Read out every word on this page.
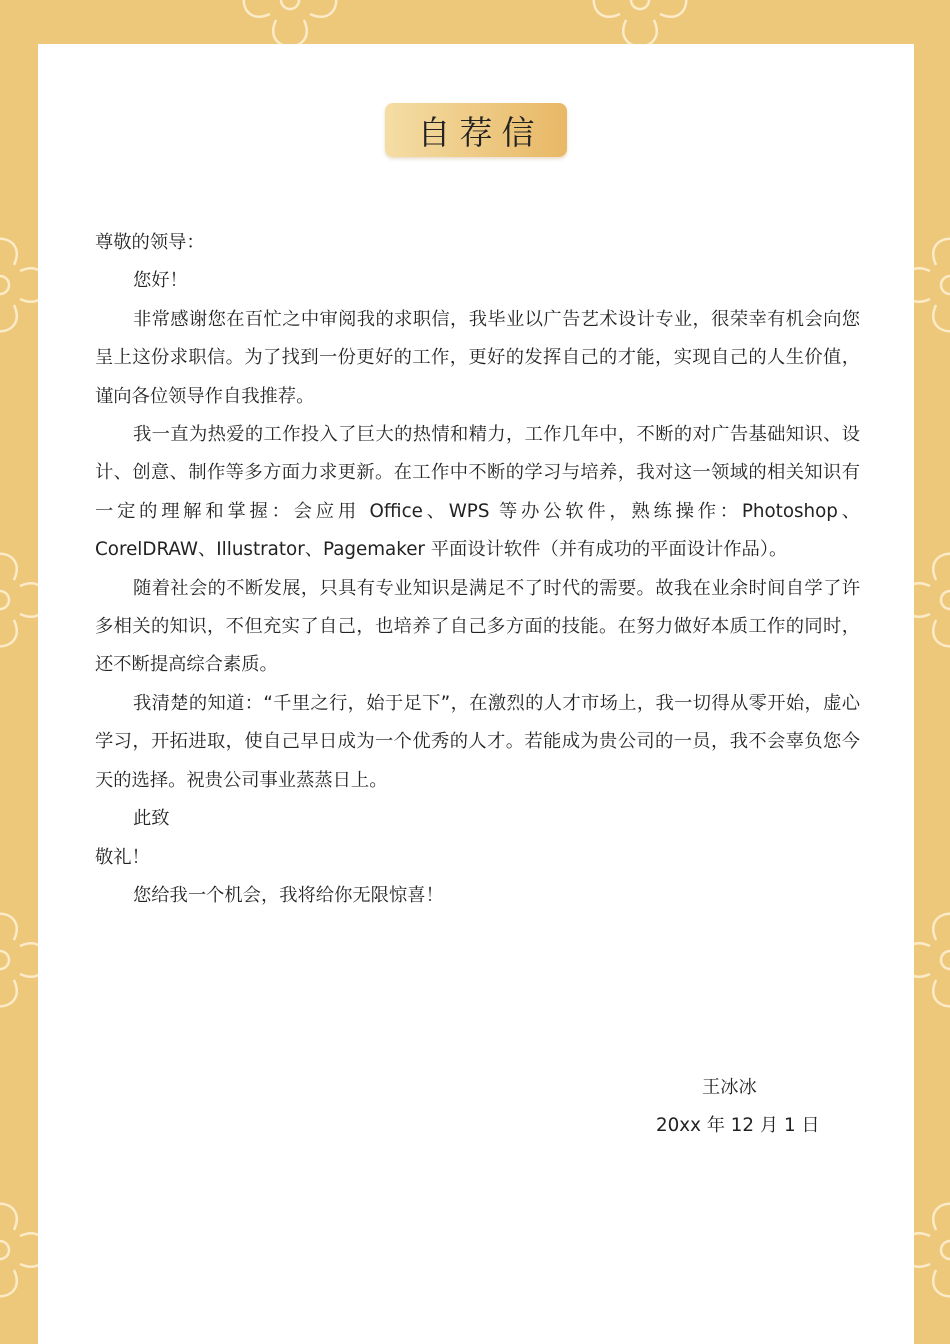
自荐信

尊敬的领导：

您好！

非常感谢您在百忙之中审阅我的求职信，我毕业以广告艺术设计专业，很荣幸有机会向您呈上这份求职信。为了找到一份更好的工作，更好的发挥自己的才能，实现自己的人生价值，谨向各位领导作自我推荐。

我一直为热爱的工作投入了巨大的热情和精力，工作几年中，不断的对广告基础知识、设计、创意、制作等多方面力求更新。在工作中不断的学习与培养，我对这一领域的相关知识有一定的理解和掌握：会应用 Office、WPS 等办公软件，熟练操作：Photoshop、CorelDRAW、Illustrator、Pagemaker 平面设计软件（并有成功的平面设计作品）。

随着社会的不断发展，只具有专业知识是满足不了时代的需要。故我在业余时间自学了许多相关的知识，不但充实了自己，也培养了自己多方面的技能。在努力做好本质工作的同时，还不断提高综合素质。

我清楚的知道：“千里之行，始于足下”，在激烈的人才市场上，我一切得从零开始，虚心学习，开拓进取，使自己早日成为一个优秀的人才。若能成为贵公司的一员，我不会辜负您今天的选择。祝贵公司事业蒸蒸日上。

此致

敬礼！

您给我一个机会，我将给你无限惊喜！

王冰冰
20xx 年 12 月 1 日
